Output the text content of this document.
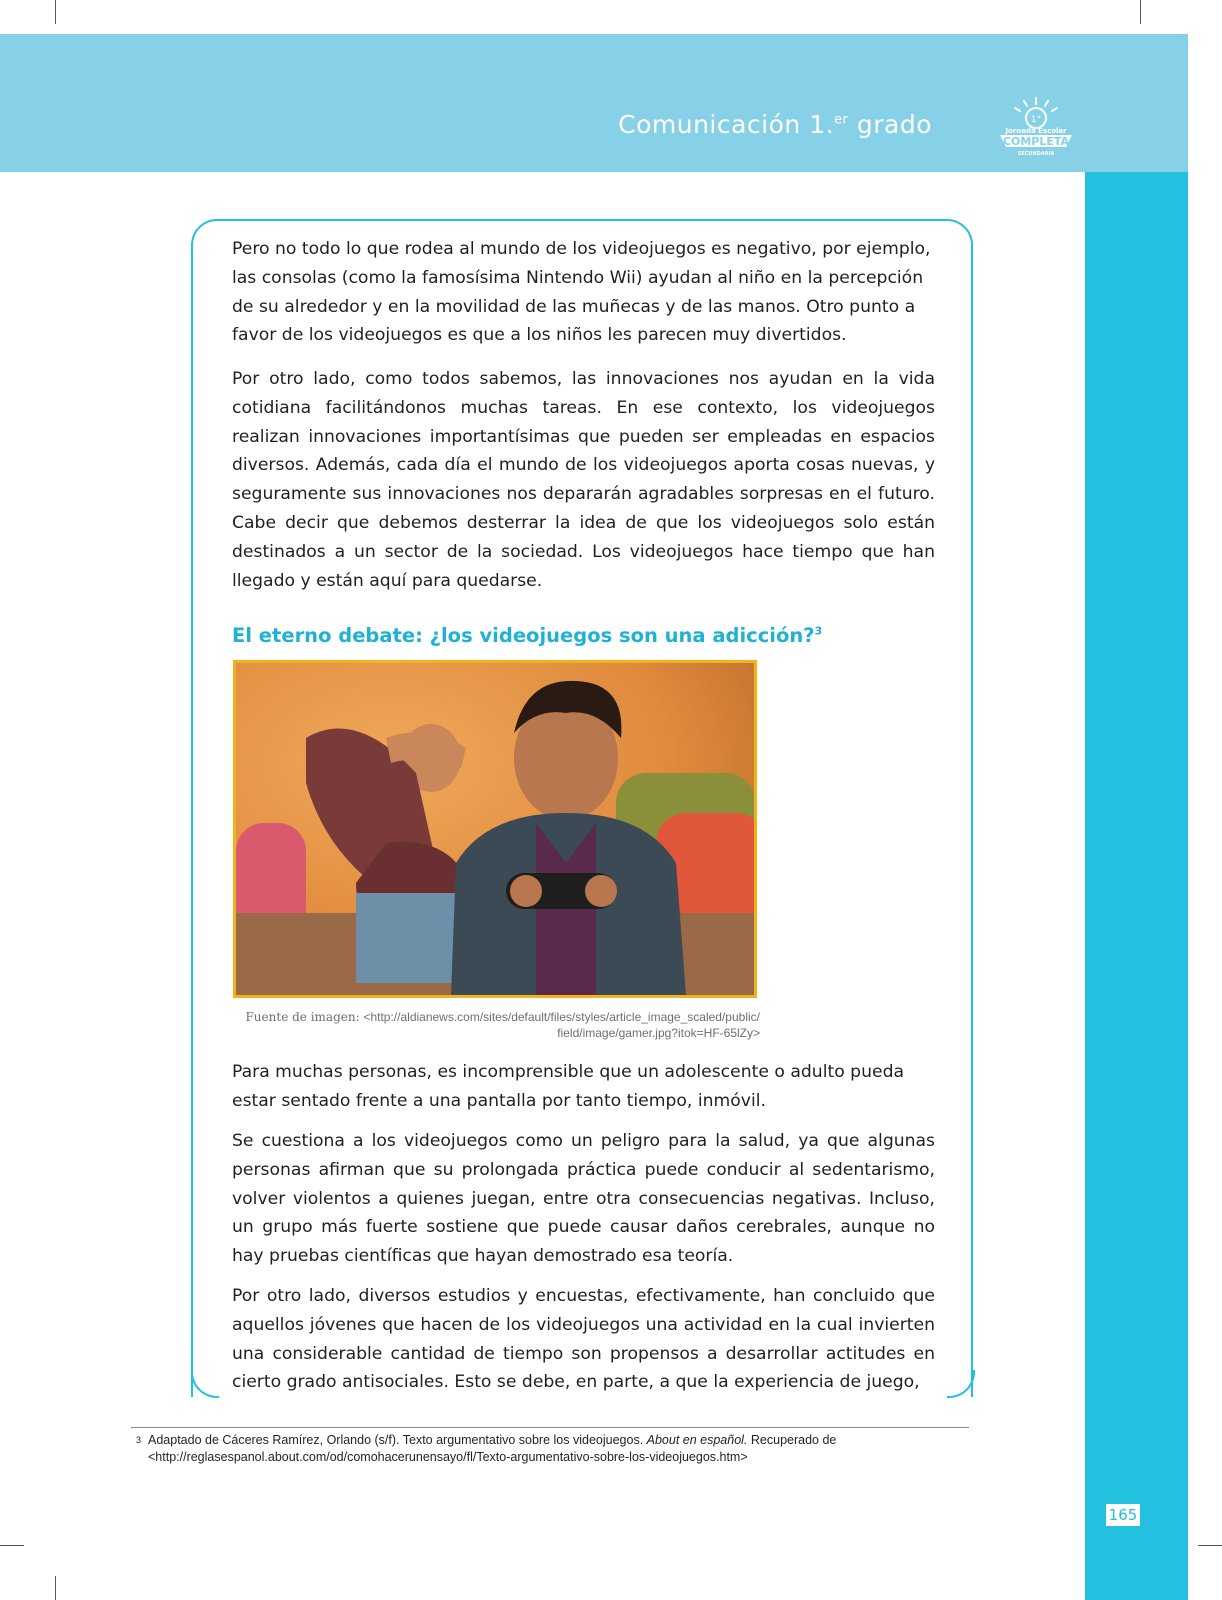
Comunicación 1.$^{er}$ grado	1°
Jornada Escolar
COMPLETA
SECUNDARIA
165

Pero no todo lo que rodea al mundo de los videojuegos es negativo, por ejemplo, las consolas (como la famosísima Nintendo Wii) ayudan al niño en la percepción de su alrededor y en la movilidad de las muñecas y de las manos. Otro punto a favor de los videojuegos es que a los niños les parecen muy divertidos.

Por otro lado, como todos sabemos, las innovaciones nos ayudan en la vida cotidiana facilitándonos muchas tareas. En ese contexto, los videojuegos realizan innovaciones importantísimas que pueden ser empleadas en espacios diversos. Además, cada día el mundo de los videojuegos aporta cosas nuevas, y seguramente sus innovaciones nos depararán agradables sorpresas en el futuro. Cabe decir que debemos desterrar la idea de que los videojuegos solo están destinados a un sector de la sociedad. Los videojuegos hace tiempo que han llegado y están aquí para quedarse.

El eterno debate: ¿los videojuegos son una adicción?$^3$
Fuente de imagen: <http://aldianews.com/sites/default/files/styles/article_image_scaled/public/
field/image/gamer.jpg?itok=HF-65lZy>

Para muchas personas, es incomprensible que un adolescente o adulto pueda estar sentado frente a una pantalla por tanto tiempo, inmóvil.

Se cuestiona a los videojuegos como un peligro para la salud, ya que algunas personas afirman que su prolongada práctica puede conducir al sedentarismo, volver violentos a quienes juegan, entre otra consecuencias negativas. Incluso, un grupo más fuerte sostiene que puede causar daños cerebrales, aunque no hay pruebas científicas que hayan demostrado esa teoría.

Por otro lado, diversos estudios y encuestas, efectivamente, han concluido que aquellos jóvenes que hacen de los videojuegos una actividad en la cual invierten una considerable cantidad de tiempo son propensos a desarrollar actitudes en cierto grado antisociales. Esto se debe, en parte, a que la experiencia de juego,

3 Adaptado de Cáceres Ramírez, Orlando (s/f). Texto argumentativo sobre los videojuegos. About en español. Recuperado de <http://reglasespanol.about.com/od/comohacerunensayo/fl/Texto-argumentativo-sobre-los-videojuegos.htm>
